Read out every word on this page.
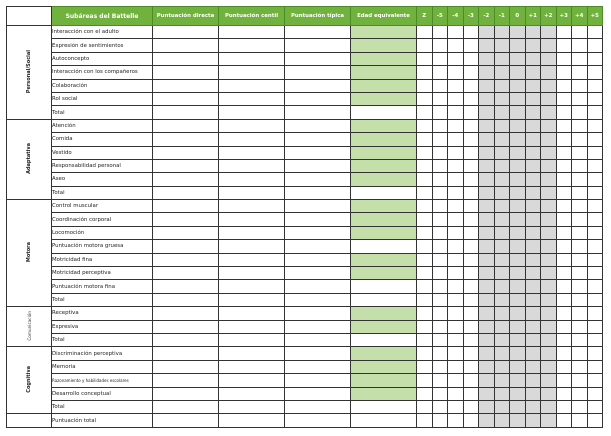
	Subáreas del Battelle	Puntuación directa	Puntuación centil	Puntuación típica	Edad equivalente	Z	-5	-4	-3	-2	-1	0	+1	+2	+3	+4	+5
Personal/Social	Interacción con el adulto																
	Expresión de sentimientos																
	Autoconcepto																
	Interacción con los compañeros																
	Colaboración																
	Rol social																
	Total																
Adaptativa	Atención																
	Comida																
	Vestido																
	Responsabilidad personal																
	Aseo																
	Total																
Motora	Control muscular																
	Coordinación corporal																
	Locomoción																
	Puntuación motora gruesa																
	Motricidad fina																
	Motricidad perceptiva																
	Puntuación motora fina																
	Total																
Comunicación	Receptiva																
	Expresiva																
	Total																
Cognitiva	Discriminación perceptiva																
	Memoria																
	Razonamiento y habilidades escolares																
	Desarrollo conceptual																
	Total																
	Puntuación total																
